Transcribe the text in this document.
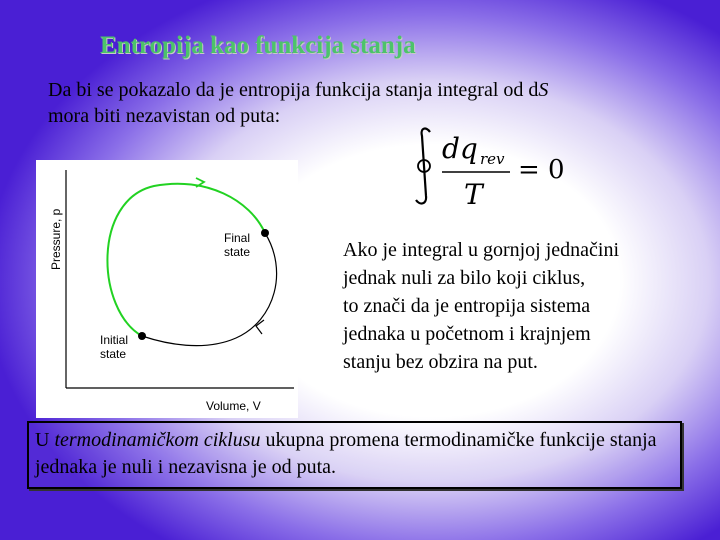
Entropija kao funkcija stanja
Da bi se pokazalo da je entropija funkcija stanja integral od dS
mora biti nezavistan od puta:
dq rev
T
= 0
Pressure, p
Volume, V
Final
state
Initial
state
Ako je integral u gornjoj jednačini
jednak nuli za bilo koji ciklus,
to znači da je entropija sistema
jednaka u početnom i krajnjem
stanju bez obzira na put.
U termodinamičkom ciklusu ukupna promena termodinamičke funkcije stanja jednaka je nuli i nezavisna je od puta.
